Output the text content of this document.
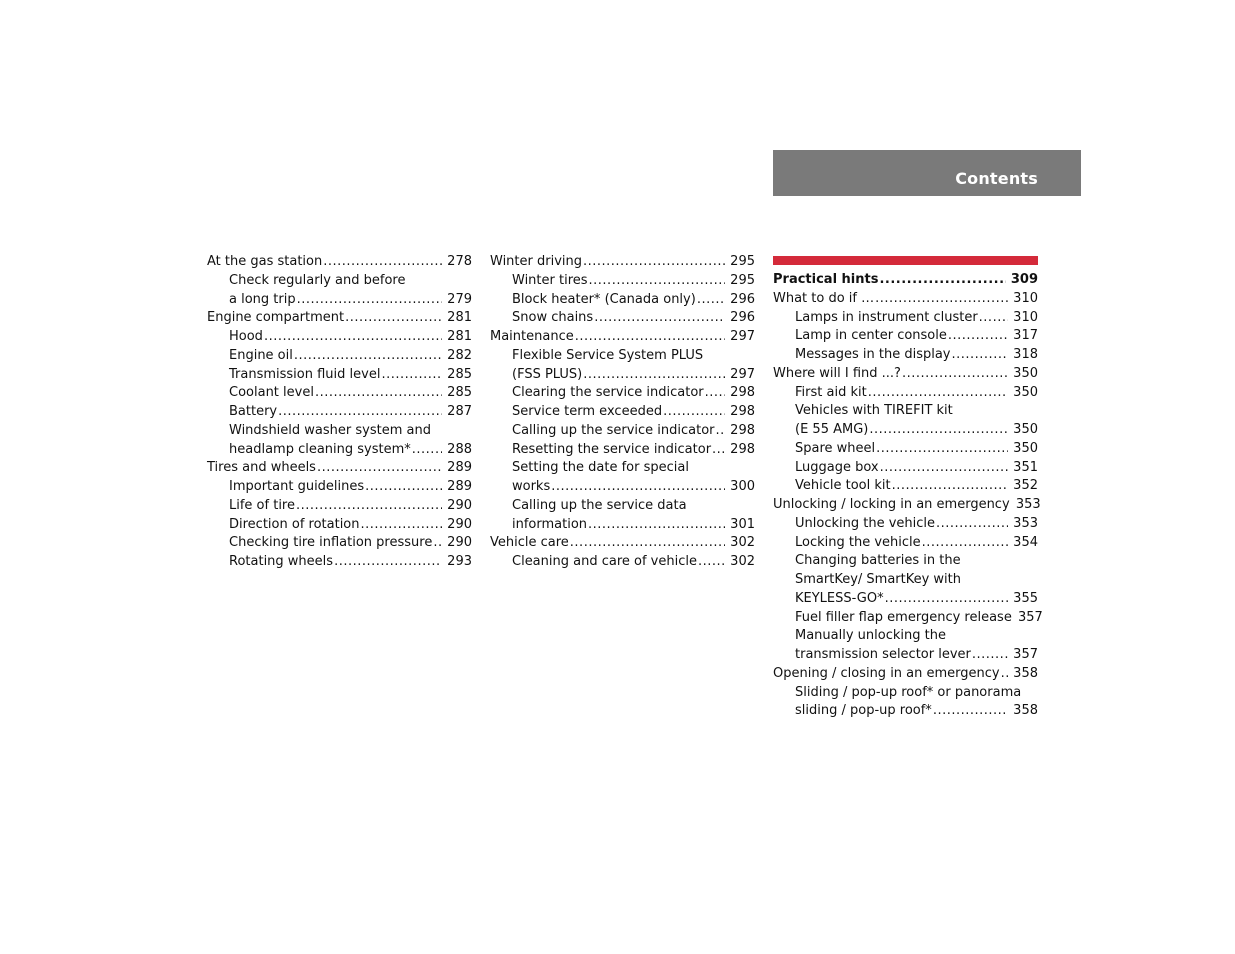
Contents
At the gas station .....	278
Check regularly and before
a long trip .....	279
Engine compartment .....	281
Hood .....	281
Engine oil .....	282
Transmission fluid level .....	285
Coolant level .....	285
Battery .....	287
Windshield washer system and
headlamp cleaning system* .....	288
Tires and wheels .....	289
Important guidelines .....	289
Life of tire .....	290
Direction of rotation .....	290
Checking tire inflation pressure ..... 290
Rotating wheels .....	293
Winter driving .....	295
Winter tires .....	295
Block heater* (Canada only) .....	296
Snow chains .....	296
Maintenance .....	297
Flexible Service System PLUS
(FSS PLUS) .....	297
Clearing the service indicator ..... 298
Service term exceeded .....	298
Calling up the service indicator ..... 298
Resetting the service indicator ..... 298
Setting the date for special
works .....	300
Calling up the service data
information .....	301
Vehicle care .....	302
Cleaning and care of vehicle .....	302
Practical hints .....	309
What to do if … .....	310
Lamps in instrument cluster .....	310
Lamp in center console .....	317
Messages in the display .....	318
Where will I find ...? .....	350
First aid kit .....	350
Vehicles with TIREFIT kit
(E 55 AMG) .....	350
Spare wheel .....	350
Luggage box .....	351
Vehicle tool kit .....	352
Unlocking / locking in an emergency 353
Unlocking the vehicle .....	353
Locking the vehicle .....	354
Changing batteries in the
SmartKey/ SmartKey with
KEYLESS-GO* .....	355
Fuel filler flap emergency release 357
Manually unlocking the
transmission selector lever .....	357
Opening / closing in an emergency ..... 358
Sliding / pop-up roof* or panorama
sliding / pop-up roof* .....	358
